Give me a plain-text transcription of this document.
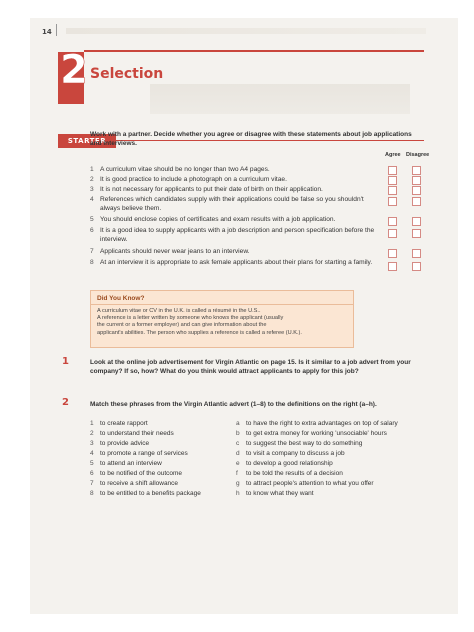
14
2 Selection
STARTER
Work with a partner. Decide whether you agree or disagree with these statements about job applications and interviews.
Agree Disagree
1 A curriculum vitae should be no longer than two A4 pages.
2 It is good practice to include a photograph on a curriculum vitae.
3 It is not necessary for applicants to put their date of birth on their application.
4 References which candidates supply with their applications could be false so you shouldn't always believe them.
5 You should enclose copies of certificates and exam results with a job application.
6 It is a good idea to supply applicants with a job description and person specification before the interview.
7 Applicants should never wear jeans to an interview.
8 At an interview it is appropriate to ask female applicants about their plans for starting a family.
Did You Know?
A curriculum vitae or CV in the U.K. is called a résumé in the U.S..
A reference is a letter written by someone who knows the applicant (usually
the current or a former employer) and can give information about the
applicant's abilities. The person who supplies a reference is called a referee (U.K.).
1	Look at the online job advertisement for Virgin Atlantic on page 15. Is it similar to a job advert from your company? If so, how? What do you think would attract applicants to apply for this job?
2	Match these phrases from the Virgin Atlantic advert (1–8) to the definitions on the right (a–h).
1 to create rapport
2 to understand their needs
3 to provide advice
4 to promote a range of services
5 to attend an interview
6 to be notified of the outcome
7 to receive a shift allowance
8 to be entitled to a benefits package
a to have the right to extra advantages on top of salary
b to get extra money for working 'unsociable' hours
c	to suggest the best way to do something
d to visit a company to discuss a job
e to develop a good relationship
f	to be told the results of a decision
g to attract people's attention to what you offer
h to know what they want
